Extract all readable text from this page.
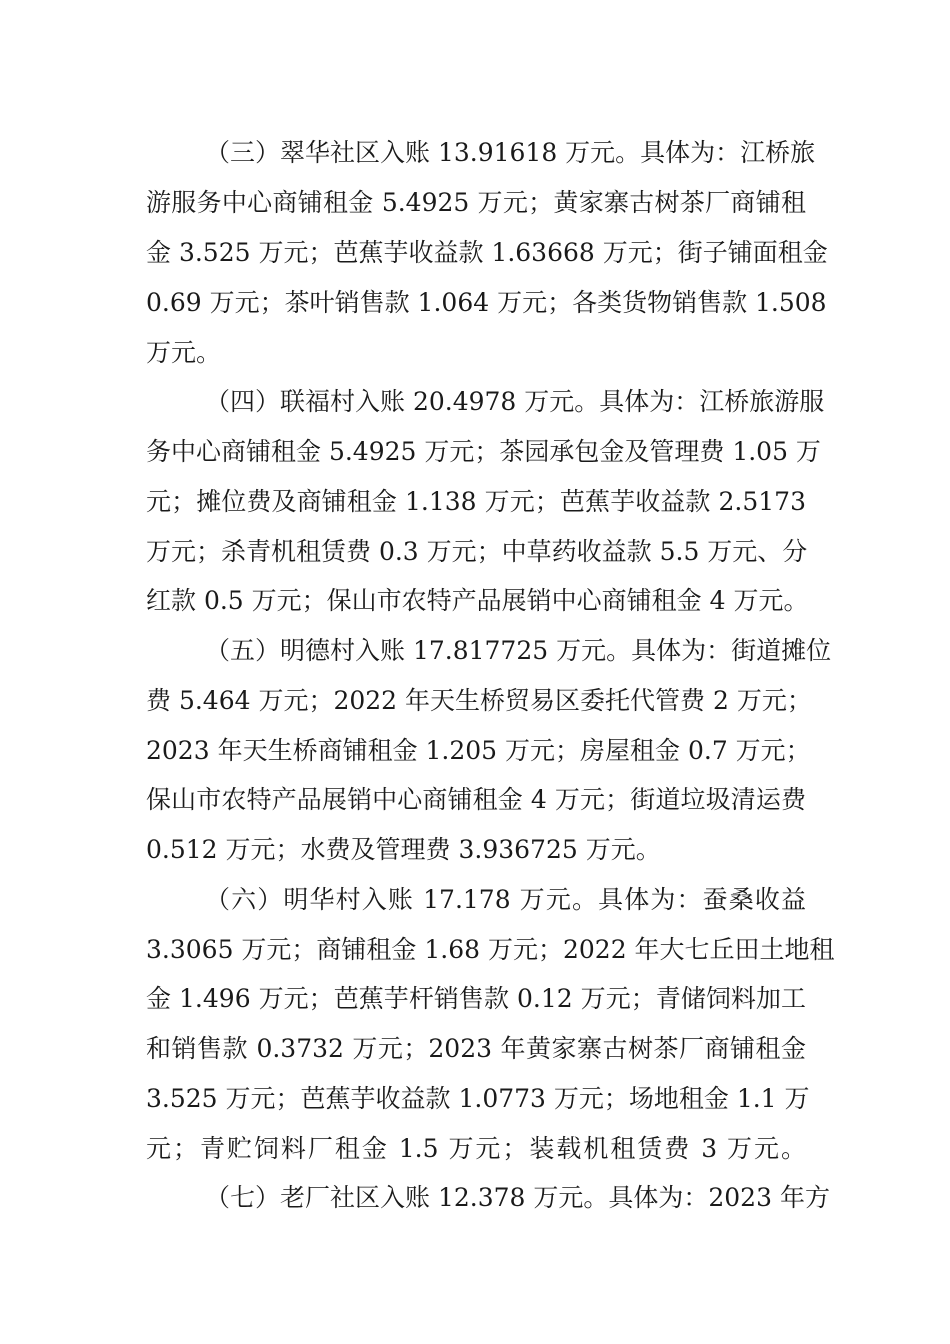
（三）翠华社区入账 13.91618 万元。具体为：江桥旅
游服务中心商铺租金 5.4925 万元；黄家寨古树茶厂商铺租
金 3.525 万元；芭蕉芋收益款 1.63668 万元；街子铺面租金
0.69 万元；茶叶销售款 1.064 万元；各类货物销售款 1.508
万元。
（四）联福村入账 20.4978 万元。具体为：江桥旅游服
务中心商铺租金 5.4925 万元；茶园承包金及管理费 1.05 万
元；摊位费及商铺租金 1.138 万元；芭蕉芋收益款 2.5173
万元；杀青机租赁费 0.3 万元；中草药收益款 5.5 万元、分
红款 0.5 万元；保山市农特产品展销中心商铺租金 4 万元。
（五）明德村入账 17.817725 万元。具体为：街道摊位
费 5.464 万元；2022 年天生桥贸易区委托代管费 2 万元；
2023 年天生桥商铺租金 1.205 万元；房屋租金 0.7 万元；
保山市农特产品展销中心商铺租金 4 万元；街道垃圾清运费
0.512 万元；水费及管理费 3.936725 万元。
（六）明华村入账 17.178 万元。具体为：蚕桑收益
3.3065 万元；商铺租金 1.68 万元；2022 年大七丘田土地租
金 1.496 万元；芭蕉芋杆销售款 0.12 万元；青储饲料加工
和销售款 0.3732 万元；2023 年黄家寨古树茶厂商铺租金
3.525 万元；芭蕉芋收益款 1.0773 万元；场地租金 1.1 万
元；青贮饲料厂租金 1.5 万元；装载机租赁费 3 万元。
（七）老厂社区入账 12.378 万元。具体为：2023 年方
